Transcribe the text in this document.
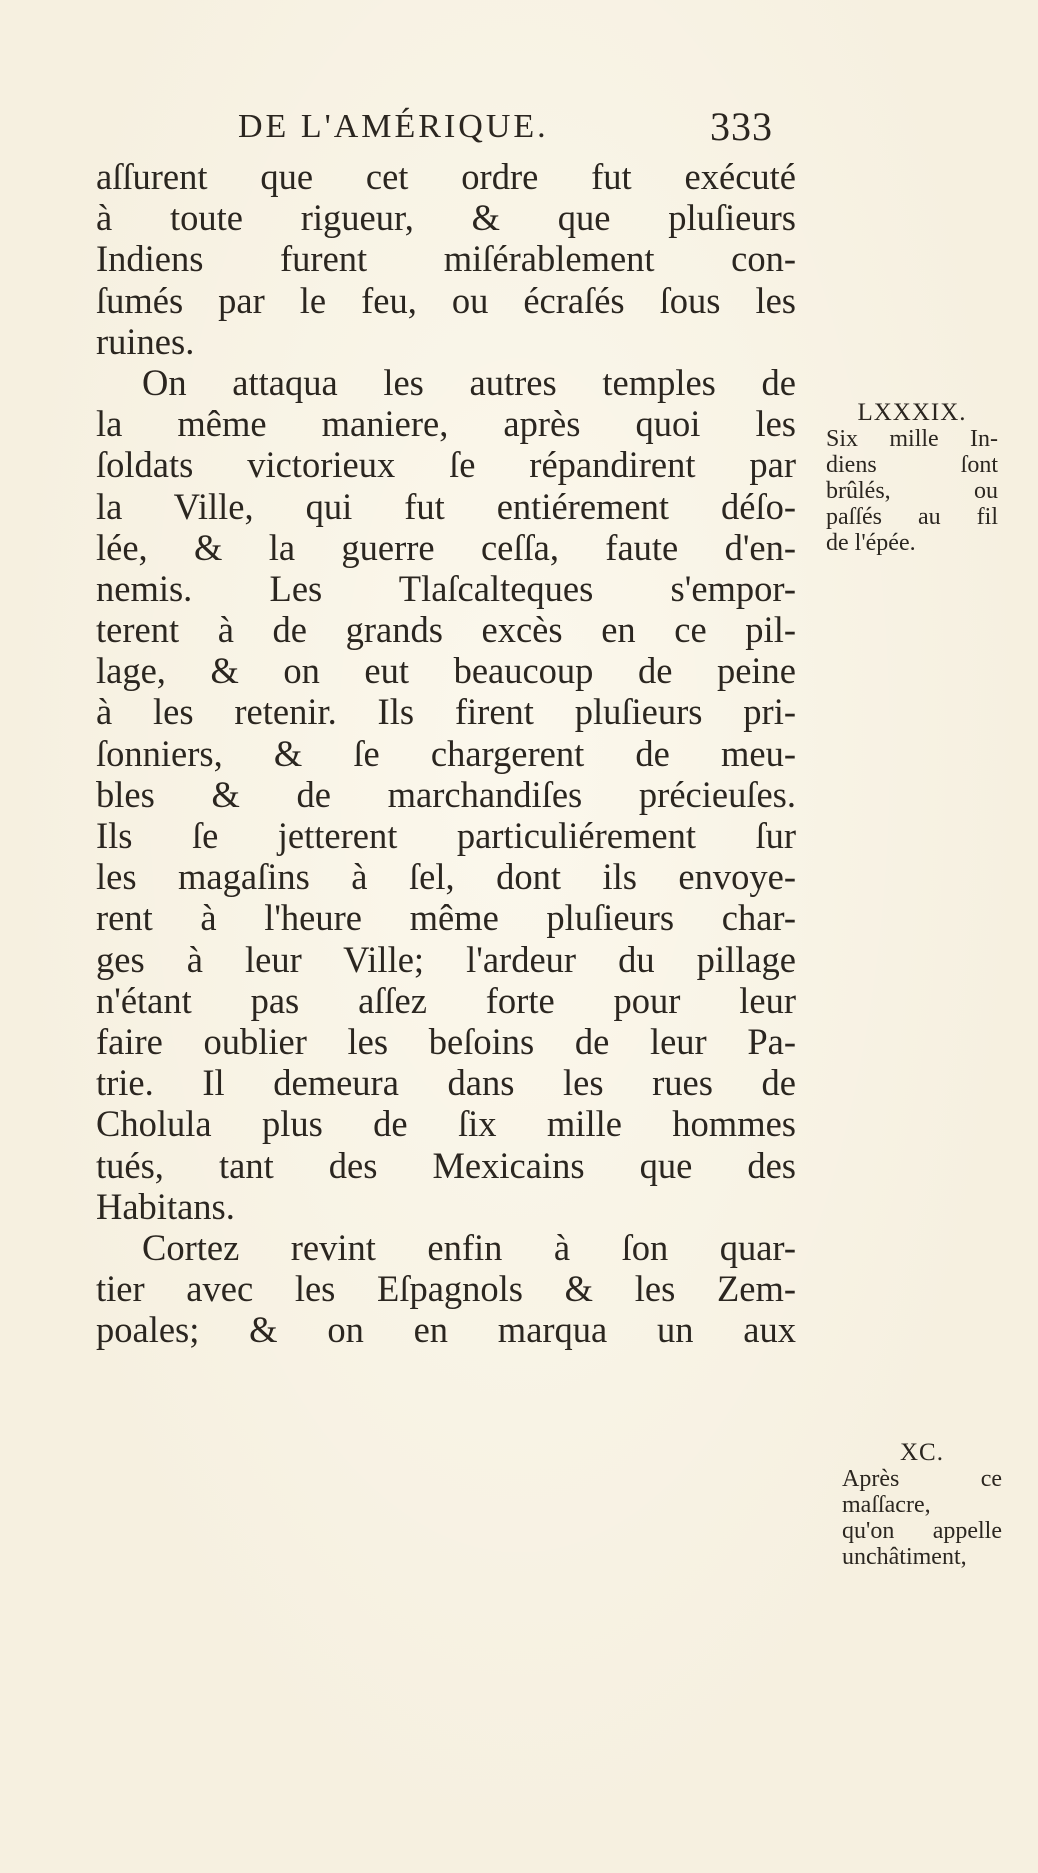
DE L'AMÉRIQUE.	333
aſſurent que cet ordre fut exécuté
à toute rigueur, & que pluſieurs
Indiens furent miſérablement con-
ſumés par le feu, ou écraſés ſous les
ruines.
On attaqua les autres temples de
la même maniere, après quoi les
ſoldats victorieux ſe répandirent par
la Ville, qui fut entiérement déſo-
lée, & la guerre ceſſa, faute d'en-
nemis. Les Tlaſcalteques s'empor-
terent à de grands excès en ce pil-
lage, & on eut beaucoup de peine
à les retenir. Ils firent pluſieurs pri-
ſonniers, & ſe chargerent de meu-
bles & de marchandiſes précieuſes.
Ils ſe jetterent particuliérement ſur
les magaſins à ſel, dont ils envoye-
rent à l'heure même pluſieurs char-
ges à leur Ville; l'ardeur du pillage
n'étant pas aſſez forte pour leur
faire oublier les beſoins de leur Pa-
trie. Il demeura dans les rues de
Cholula plus de ſix mille hommes
tués, tant des Mexicains que des
Habitans.
Cortez revint enfin à ſon quar-
tier avec les Eſpagnols & les Zem-
poales; & on en marqua un aux
LXXXIX.
Six mille In-
diens ſont
brûlés, ou
paſſés au fil
de l'épée.
XC.
Après ce
maſſacre,
qu'on appelle
unchâtiment,
